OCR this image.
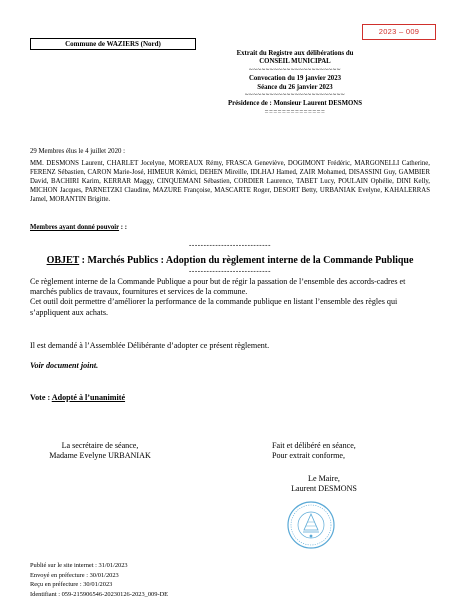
2023 – 009
Commune de WAZIERS (Nord)
Extrait du Registre aux délibérations du
CONSEIL MUNICIPAL
~~~~~~~~~~~~~~~~~~~~~~
Convocation du 19 janvier 2023
Séance du 26 janvier 2023
~~~~~~~~~~~~~~~~~~~~~~~~
Présidence de : Monsieur Laurent DESMONS
==============
29 Membres élus le 4 juillet 2020 :
MM. DESMONS Laurent, CHARLET Jocelyne, MOREAUX Rémy, FRASCA Geneviève, DOGIMONT Frédéric, MARGONELLI Catherine, FERENZ Sébastien, CARON Marie-José, HIMEUR Kémici, DEHEN Mireille, IDLHAJ Hamed, ZAIR Mohamed, DISASSINI Guy, GAMBIER David, BACHIRI Karim, KERRAR Maggy, CINQUEMANI Sébastien, CORDIER Laurence, TABET Lucy, POULAIN Ophélie, DINI Kelly, MICHON Jacques, PARNETZKI Claudine, MAZURE Françoise, MASCARTE Roger, DESORT Betty, URBANIAK Evelyne, KAHALERRAS Jamel, MORANTIN Brigitte.
Membres ayant donné pouvoir : :
----------------------------
OBJET : Marchés Publics : Adoption du règlement interne de la Commande Publique
----------------------------

Ce règlement interne de la Commande Publique a pour but de régir la passation de l’ensemble des accords-cadres et marchés publics de travaux, fournitures et services de la commune.

Cet outil doit permettre d’améliorer la performance de la commande publique en listant l’ensemble des règles qui s’appliquent aux achats.

Il est demandé à l’Assemblée Délibérante d’adopter ce présent règlement.
Voir document joint.
Vote : Adopté à l’unanimité
La secrétaire de séance,
Madame Evelyne URBANIAK
Fait et délibéré en séance,
Pour extrait conforme,
Le Maire,
Laurent DESMONS
Publié sur le site internet : 31/01/2023
Envoyé en préfecture : 30/01/2023
Reçu en préfecture : 30/01/2023
Identifiant : 059-215906546-20230126-2023_009-DE
